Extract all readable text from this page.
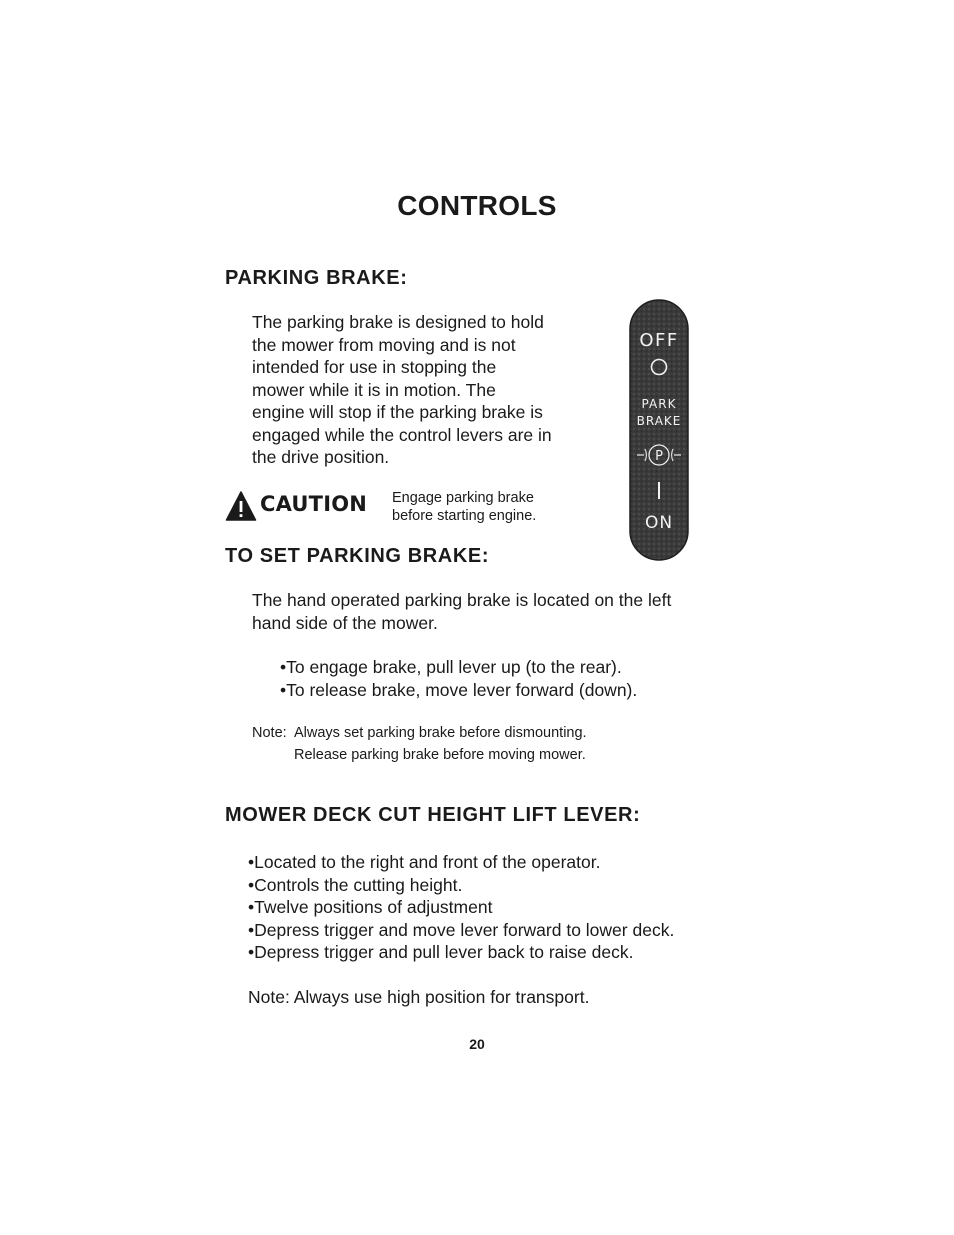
CONTROLS
PARKING BRAKE:
The parking brake is designed to hold
the mower from moving and is not
intended for use in stopping the
mower while it is in motion. The
engine will stop if the parking brake is
engaged while the control levers are in
the drive position.
OFF
PARK
BRAKE
P
ON
CAUTION Engage parking brake
before starting engine.
TO SET PARKING BRAKE:
The hand operated parking brake is located on the left
hand side of the mower.
•To engage brake, pull lever up (to the rear).
•To release brake, move lever forward (down).
Note: Always set parking brake before dismounting.
Release parking brake before moving mower.
MOWER DECK CUT HEIGHT LIFT LEVER:
•Located to the right and front of the operator.
•Controls the cutting height.
•Twelve positions of adjustment
•Depress trigger and move lever forward to lower deck.
•Depress trigger and pull lever back to raise deck.
Note: Always use high position for transport.
20
